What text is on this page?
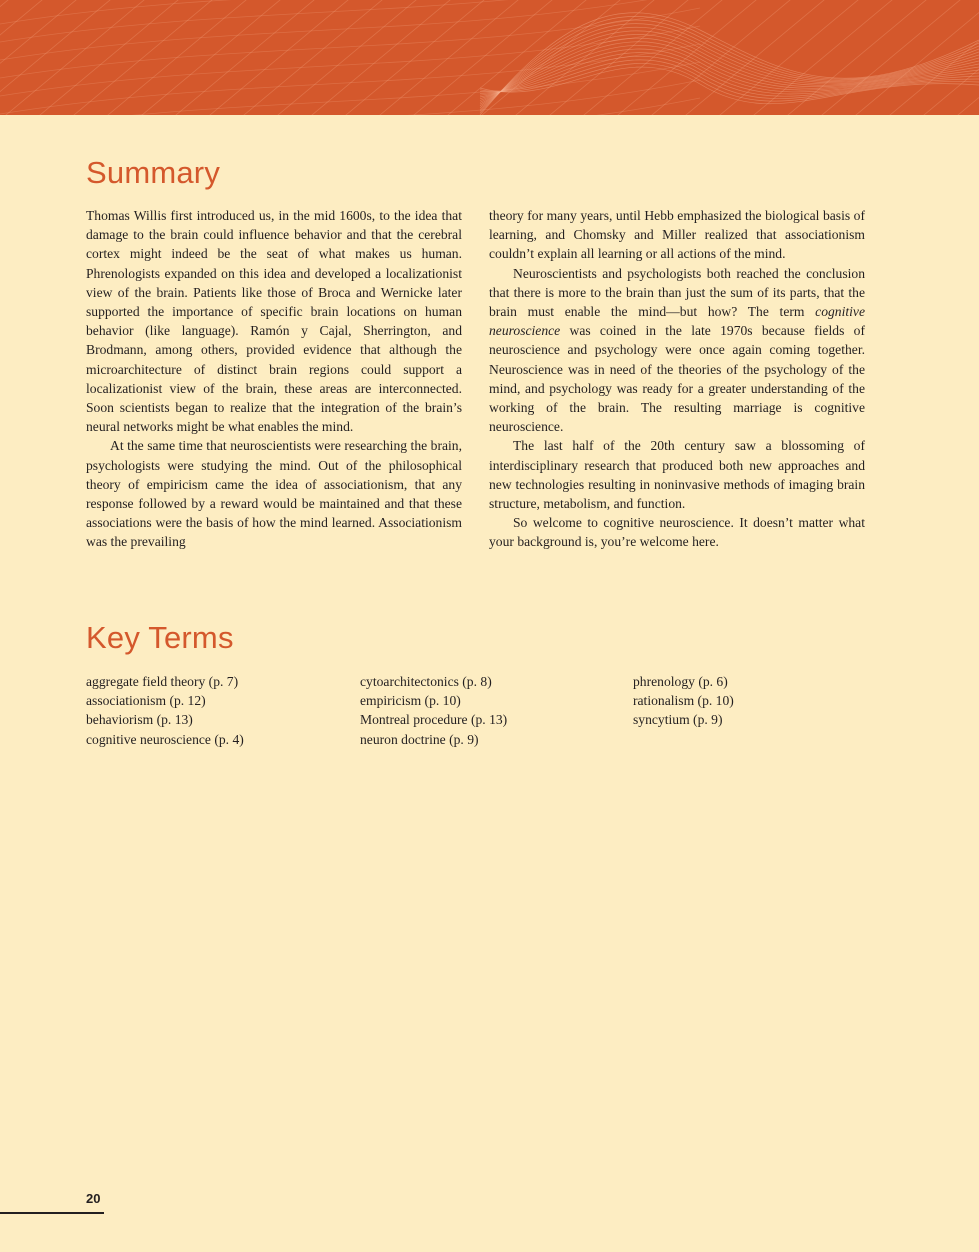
Summary

Thomas Willis first introduced us, in the mid 1600s, to the idea that damage to the brain could influence behavior and that the cerebral cortex might indeed be the seat of what makes us human. Phrenologists expanded on this idea and developed a localizationist view of the brain. Patients like those of Broca and Wernicke later supported the importance of specific brain locations on human behavior (like language). Ramón y Cajal, Sherrington, and Brodmann, among others, provided evidence that although the microarchitecture of distinct brain regions could support a localizationist view of the brain, these areas are interconnected. Soon scientists began to realize that the integration of the brain’s neural networks might be what enables the mind.

At the same time that neuroscientists were researching the brain, psychologists were studying the mind. Out of the philosophical theory of empiricism came the idea of associationism, that any response followed by a reward would be maintained and that these associations were the basis of how the mind learned. Associationism was the prevailing

theory for many years, until Hebb emphasized the biological basis of learning, and Chomsky and Miller realized that associationism couldn’t explain all learning or all actions of the mind.

Neuroscientists and psychologists both reached the conclusion that there is more to the brain than just the sum of its parts, that the brain must enable the mind—but how? The term cognitive neuroscience was coined in the late 1970s because fields of neuroscience and psychology were once again coming together. Neuroscience was in need of the theories of the psychology of the mind, and psychology was ready for a greater understanding of the working of the brain. The resulting marriage is cognitive neuroscience.

The last half of the 20th century saw a blossoming of interdisciplinary research that produced both new approaches and new technologies resulting in noninvasive methods of imaging brain structure, metabolism, and function.

So welcome to cognitive neuroscience. It doesn’t matter what your background is, you’re welcome here.

Key Terms
aggregate field theory (p. 7)
associationism (p. 12)
behaviorism (p. 13)
cognitive neuroscience (p. 4)
cytoarchitectonics (p. 8)
empiricism (p. 10)
Montreal procedure (p. 13)
neuron doctrine (p. 9)
phrenology (p. 6)
rationalism (p. 10)
syncytium (p. 9)
20
